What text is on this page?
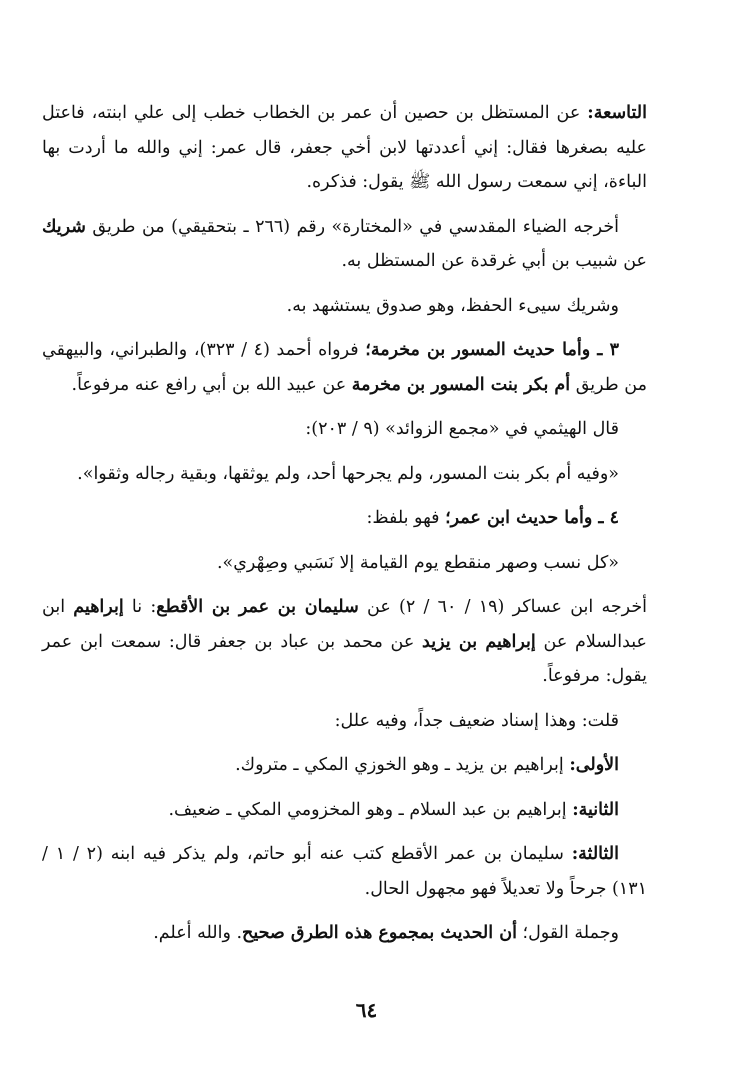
التاسعة: عن المستظل بن حصين أن عمر بن الخطاب خطب إلى علي ابنته، فاعتل عليه بصغرها فقال: إني أعددتها لابن أخي جعفر، قال عمر: إني والله ما أردت بها الباءة، إني سمعت رسول الله ﷺ يقول: فذكره.

أخرجه الضياء المقدسي في «المختارة» رقم (٢٦٦ ـ بتحقيقي) من طريق شريك عن شبيب بن أبي غرقدة عن المستظل به.

وشريك سيىء الحفظ، وهو صدوق يستشهد به.

٣ ـ وأما حديث المسور بن مخرمة؛ فرواه أحمد (٤ / ٣٢٣)، والطبراني، والبيهقي من طريق أم بكر بنت المسور بن مخرمة عن عبيد الله بن أبي رافع عنه مرفوعاً.

قال الهيثمي في «مجمع الزوائد» (٩ / ٢٠٣):

«وفيه أم بكر بنت المسور، ولم يجرحها أحد، ولم يوثقها، وبقية رجاله وثقوا».

٤ ـ وأما حديث ابن عمر؛ فهو بلفظ:

«كل نسب وصهر منقطع يوم القيامة إلا نَسَبي وصِهْري».

أخرجه ابن عساكر (١٩ / ٦٠ / ٢) عن سليمان بن عمر بن الأقطع: نا إبراهيم ابن عبدالسلام عن إبراهيم بن يزيد عن محمد بن عباد بن جعفر قال: سمعت ابن عمر يقول: مرفوعاً.

قلت: وهذا إسناد ضعيف جداً، وفيه علل:

الأولى: إبراهيم بن يزيد ـ وهو الخوزي المكي ـ متروك.

الثانية: إبراهيم بن عبد السلام ـ وهو المخزومي المكي ـ ضعيف.

الثالثة: سليمان بن عمر الأقطع كتب عنه أبو حاتم، ولم يذكر فيه ابنه (٢ / ١ / ١٣١) جرحاً ولا تعديلاً فهو مجهول الحال.

وجملة القول؛ أن الحديث بمجموع هذه الطرق صحيح. والله أعلم.

٦٤
